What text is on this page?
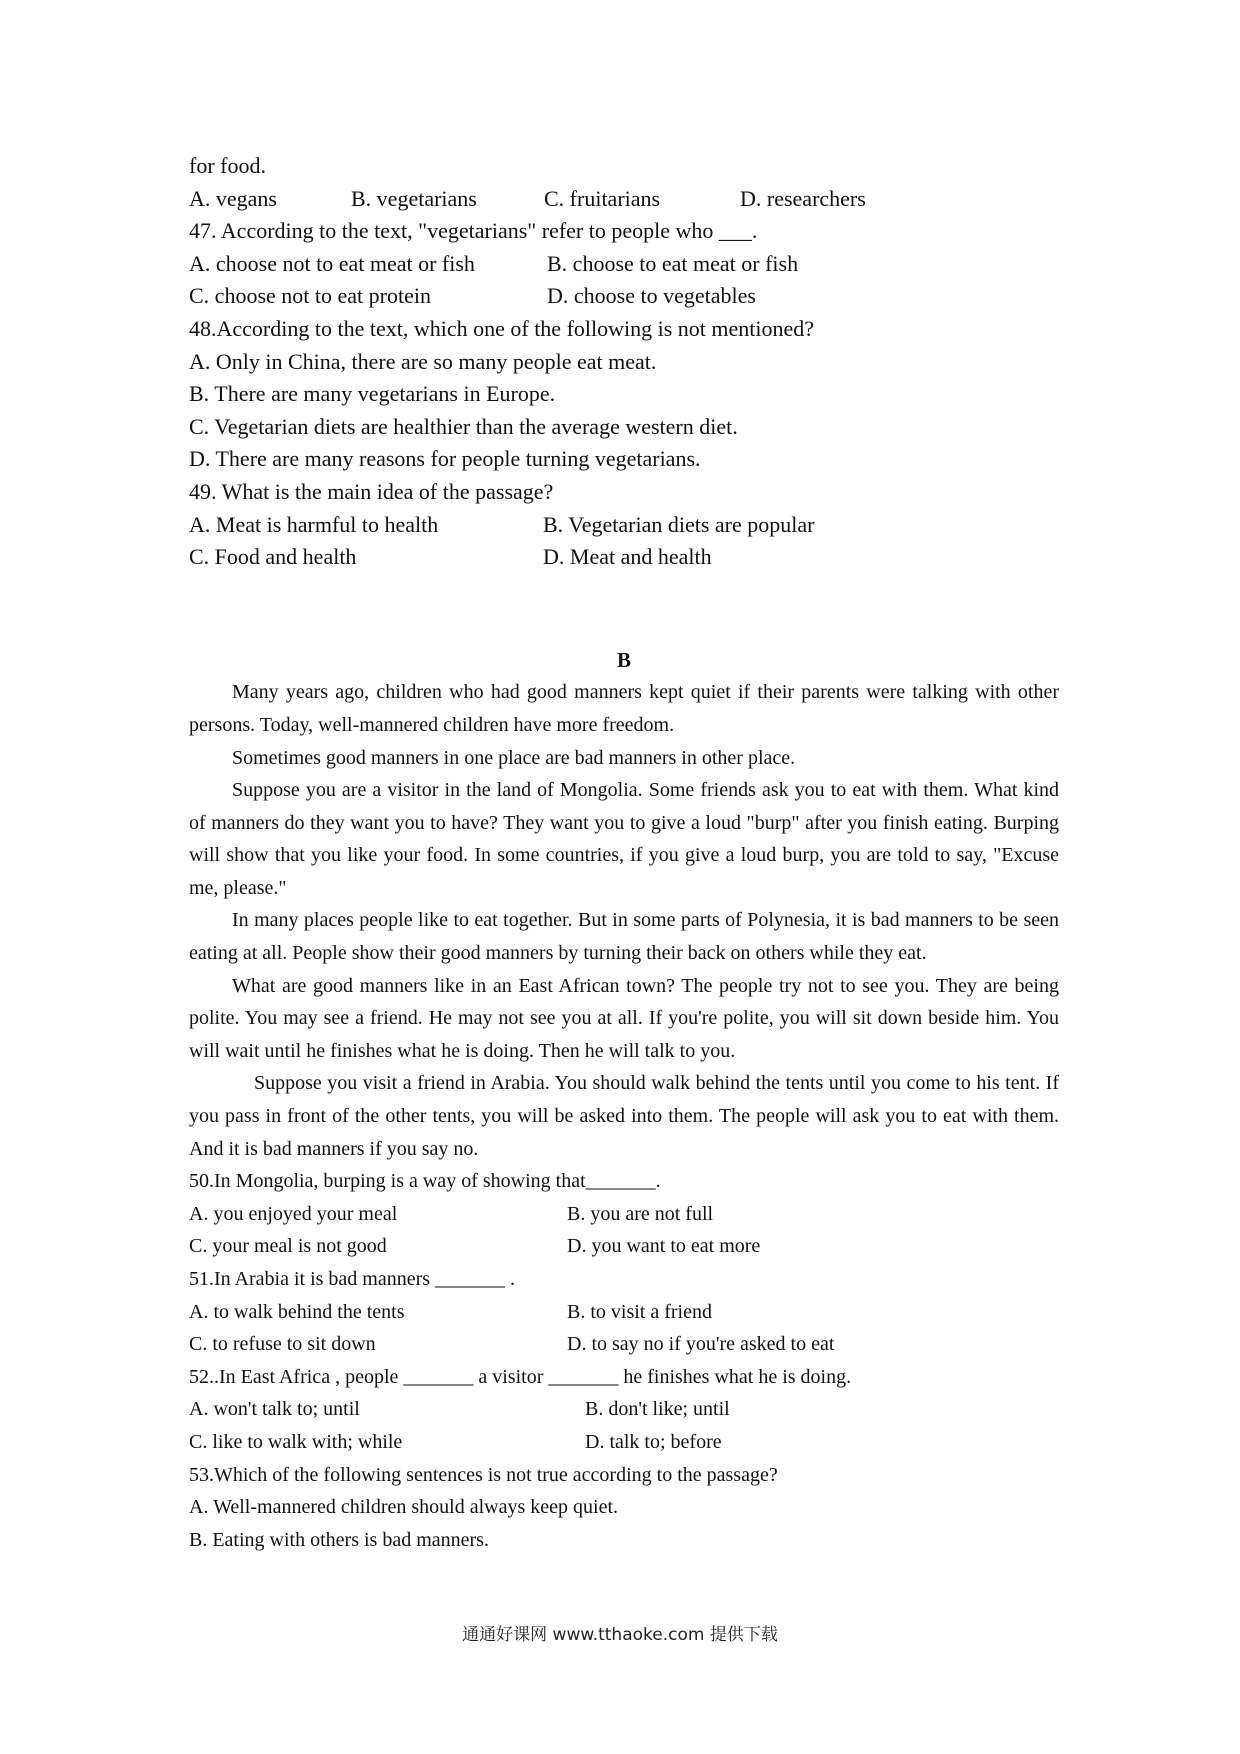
for food.
A. vegans	B. vegetarians	C. fruitarians	D. researchers
47. According to the text, "vegetarians" refer to people who ___.
A. choose not to eat meat or fish	B. choose to eat meat or fish
C. choose not to eat protein	D. choose to vegetables
48.According to the text, which one of the following is not mentioned?
A. Only in China, there are so many people eat meat.
B. There are many vegetarians in Europe.
C. Vegetarian diets are healthier than the average western diet.
D. There are many reasons for people turning vegetarians.
49. What is the main idea of the passage?
A. Meat is harmful to health	B. Vegetarian diets are popular
C. Food and health	D. Meat and health
B
Many years ago, children who had good manners kept quiet if their parents were talking with other persons. Today, well-mannered children have more freedom.
Sometimes good manners in one place are bad manners in other place.
Suppose you are a visitor in the land of Mongolia. Some friends ask you to eat with them. What kind of manners do they want you to have? They want you to give a loud "burp" after you finish eating. Burping will show that you like your food. In some countries, if you give a loud burp, you are told to say, "Excuse me, please."
In many places people like to eat together. But in some parts of Polynesia, it is bad manners to be seen eating at all. People show their good manners by turning their back on others while they eat.
What are good manners like in an East African town? The people try not to see you. They are being polite. You may see a friend. He may not see you at all. If you're polite, you will sit down beside him. You will wait until he finishes what he is doing. Then he will talk to you.
Suppose you visit a friend in Arabia. You should walk behind the tents until you come to his tent. If you pass in front of the other tents, you will be asked into them. The people will ask you to eat with them. And it is bad manners if you say no.
50.In Mongolia, burping is a way of showing that_______.
A. you enjoyed your meal	B. you are not full
C. your meal is not good	D. you want to eat more
51.In Arabia it is bad manners _______ .
A. to walk behind the tents	B. to visit a friend
C. to refuse to sit down	D. to say no if you're asked to eat
52..In East Africa , people _______ a visitor _______ he finishes what he is doing.
A. won't talk to; until	B. don't like; until
C. like to walk with; while	D. talk to; before
53.Which of the following sentences is not true according to the passage?
A. Well-mannered children should always keep quiet.
B. Eating with others is bad manners.
通通好课网 www.tthaoke.com 提供下载
